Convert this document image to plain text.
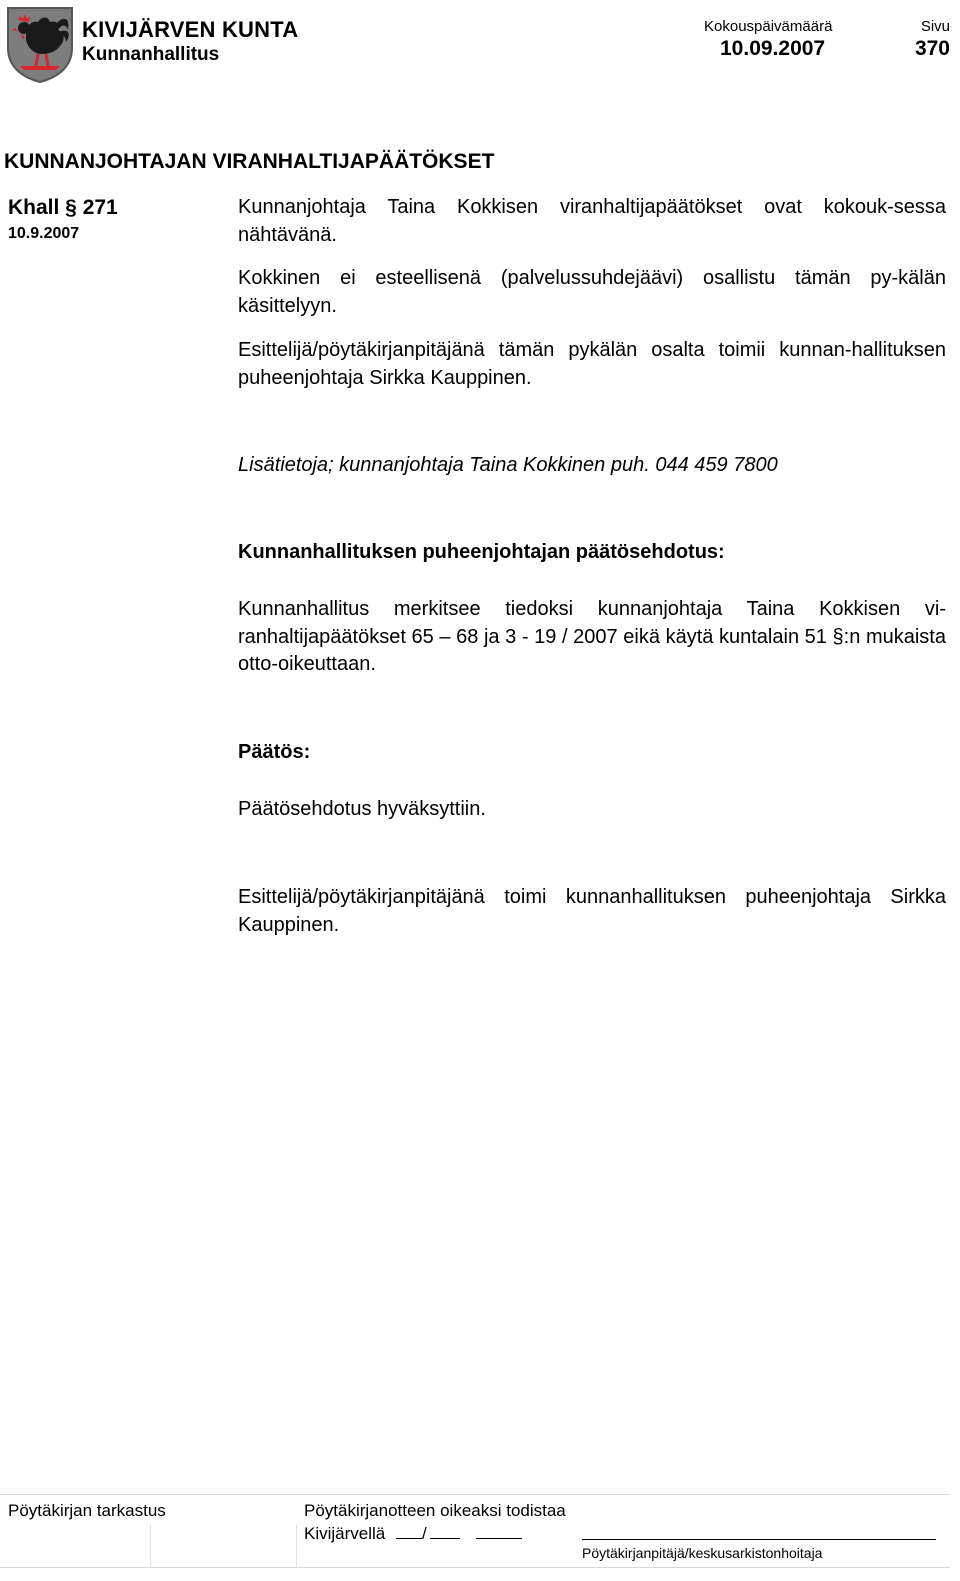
KIVIJÄRVEN KUNTA
Kunnanhallitus
Kokouspäivämäärä
10.09.2007
Sivu
370
KUNNANJOHTAJAN VIRANHALTIJAPÄÄTÖKSET
Khall § 271
10.9.2007

Kunnanjohtaja Taina Kokkisen viranhaltijapäätökset ovat kokouk-sessa nähtävänä.

Kokkinen ei esteellisenä (palvelussuhdejäävi) osallistu tämän py-kälän käsittelyyn.

Esittelijä/pöytäkirjanpitäjänä tämän pykälän osalta toimii kunnan-hallituksen puheenjohtaja Sirkka Kauppinen.

Lisätietoja; kunnanjohtaja Taina Kokkinen puh. 044 459 7800
Kunnanhallituksen puheenjohtajan päätösehdotus:

Kunnanhallitus merkitsee tiedoksi kunnanjohtaja Taina Kokkisen vi-ranhaltijapäätökset 65 – 68 ja 3 - 19 / 2007 eikä käytä kuntalain 51 §:n mukaista otto-oikeuttaan.

Päätös:
Päätösehdotus hyväksyttiin.

Esittelijä/pöytäkirjanpitäjänä toimi kunnanhallituksen puheenjohtaja Sirkka Kauppinen.

Pöytäkirjan tarkastus	Pöytäkirjanotteen oikeaksi todistaa
Kivijärvellä /
Pöytäkirjanpitäjä/keskusarkistonhoitaja
